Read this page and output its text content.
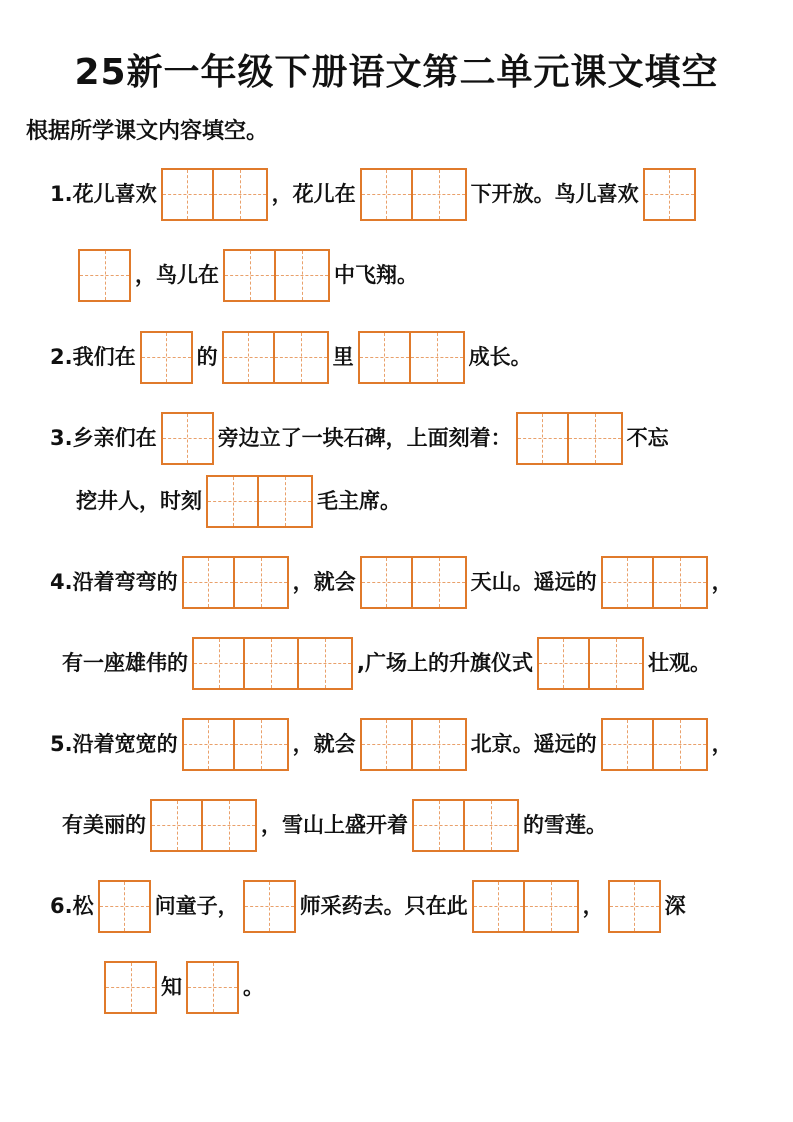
25新一年级下册语文第二单元课文填空
根据所学课文内容填空。
1.花儿喜欢	，花儿在	下开放。鸟儿喜欢
，鸟儿在	中飞翔。
2.我们在	的	里	成长。
3.乡亲们在	旁边立了一块石碑，上面刻着：	不忘
挖井人，时刻	毛主席。
4.沿着弯弯的	，就会	天山。遥远的	，
有一座雄伟的	,广场上的升旗仪式	壮观。
5.沿着宽宽的	，就会	北京。遥远的	，
有美丽的	，雪山上盛开着	的雪莲。
6.松	问童子，	师采药去。只在此	，	深
知	。
